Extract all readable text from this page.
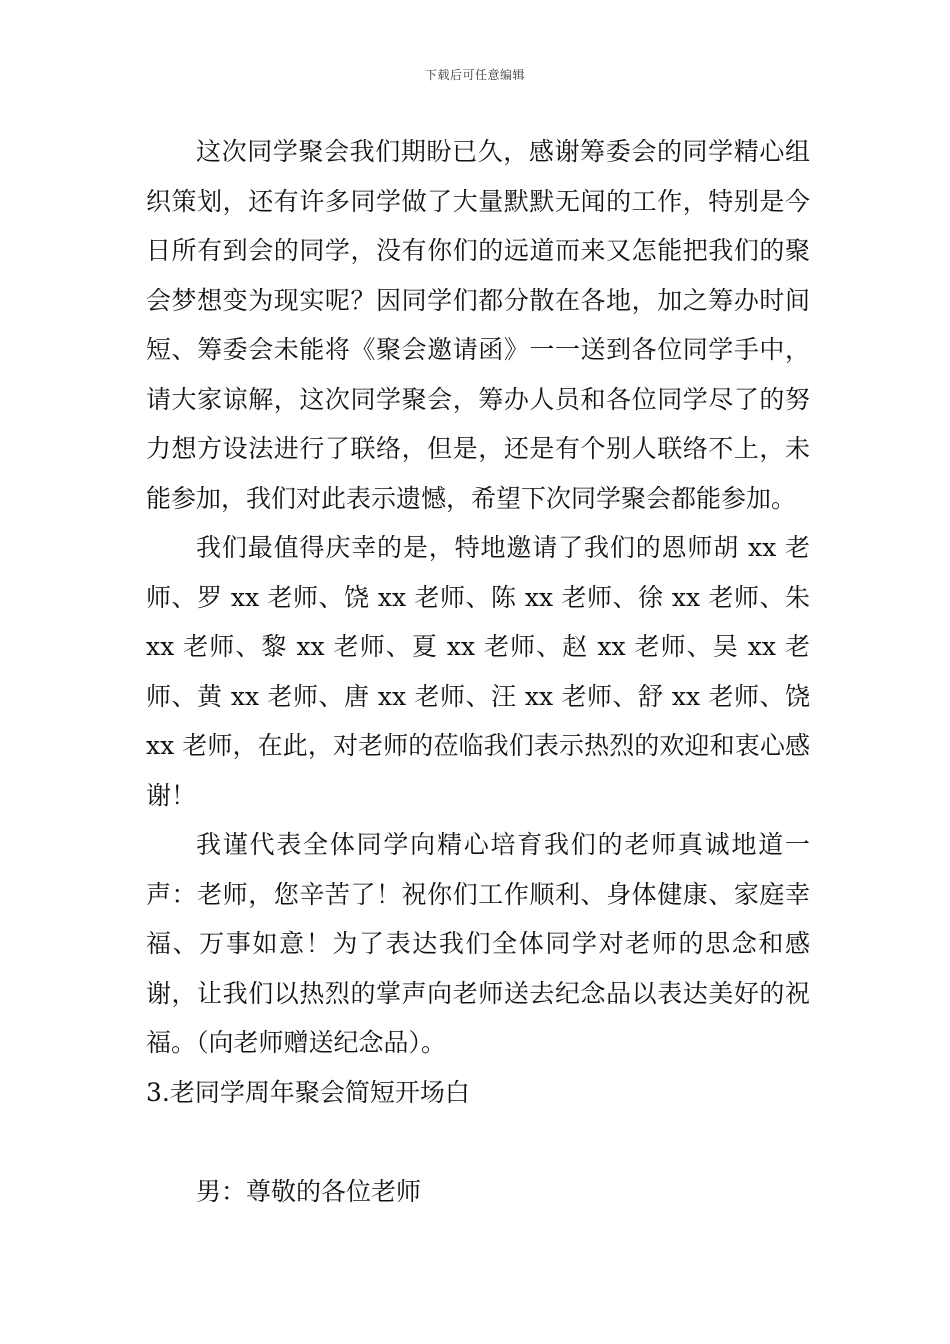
下载后可任意编辑

这次同学聚会我们期盼已久，感谢筹委会的同学精心组织策划，还有许多同学做了大量默默无闻的工作，特别是今日所有到会的同学，没有你们的远道而来又怎能把我们的聚会梦想变为现实呢？因同学们都分散在各地，加之筹办时间短、筹委会未能将《聚会邀请函》一一送到各位同学手中，请大家谅解，这次同学聚会，筹办人员和各位同学尽了的努力想方设法进行了联络，但是，还是有个别人联络不上，未能参加，我们对此表示遗憾，希望下次同学聚会都能参加。

我们最值得庆幸的是，特地邀请了我们的恩师胡 xx 老师、罗 xx 老师、饶 xx 老师、陈 xx 老师、徐 xx 老师、朱 xx 老师、黎 xx 老师、夏 xx 老师、赵 xx 老师、吴 xx 老师、黄 xx 老师、唐 xx 老师、汪 xx 老师、舒 xx 老师、饶 xx 老师，在此，对老师的莅临我们表示热烈的欢迎和衷心感谢！

我谨代表全体同学向精心培育我们的老师真诚地道一声：老师，您辛苦了！祝你们工作顺利、身体健康、家庭幸福、万事如意！为了表达我们全体同学对老师的思念和感谢，让我们以热烈的掌声向老师送去纪念品以表达美好的祝福。（向老师赠送纪念品）。

3.老同学周年聚会简短开场白

男：尊敬的各位老师
